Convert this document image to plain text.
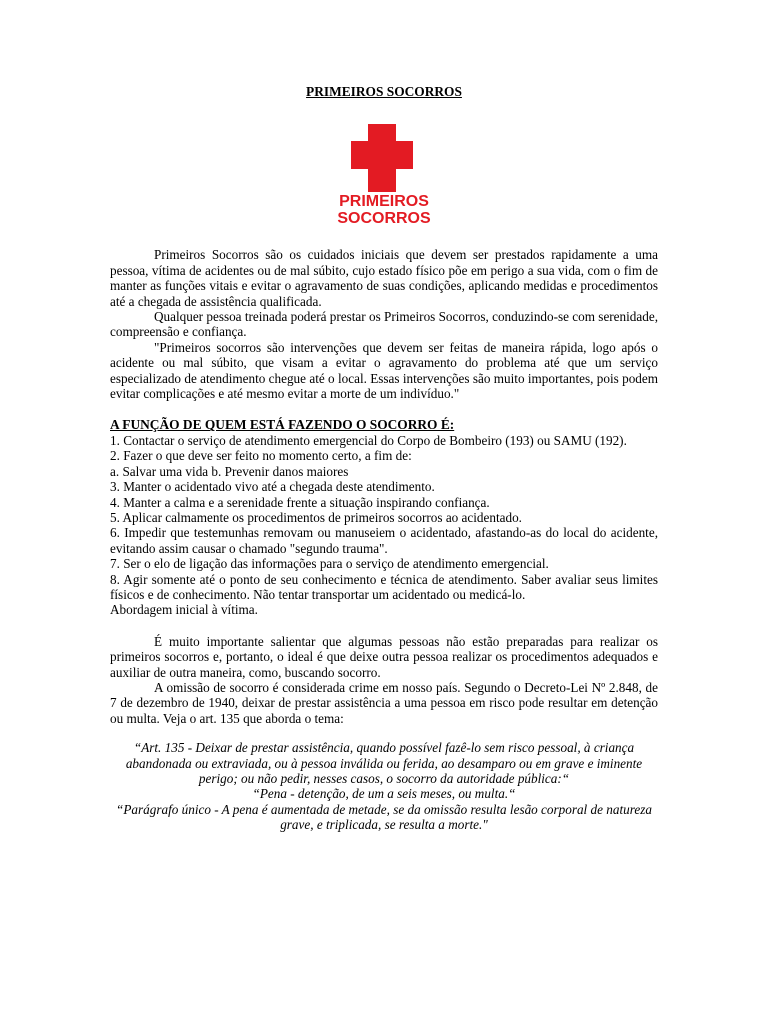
PRIMEIROS SOCORROS
PRIMEIROS
SOCORROS

Primeiros Socorros são os cuidados iniciais que devem ser prestados rapidamente a uma pessoa, vítima de acidentes ou de mal súbito, cujo estado físico põe em perigo a sua vida, com o fim de manter as funções vitais e evitar o agravamento de suas condições, aplicando medidas e procedimentos até a chegada de assistência qualificada.

Qualquer pessoa treinada poderá prestar os Primeiros Socorros, conduzindo-se com serenidade, compreensão e confiança.

"Primeiros socorros são intervenções que devem ser feitas de maneira rápida, logo após o acidente ou mal súbito, que visam a evitar o agravamento do problema até que um serviço especializado de atendimento chegue até o local. Essas intervenções são muito importantes, pois podem evitar complicações e até mesmo evitar a morte de um indivíduo."

A FUNÇÃO DE QUEM ESTÁ FAZENDO O SOCORRO É:

1. Contactar o serviço de atendimento emergencial do Corpo de Bombeiro (193) ou SAMU (192).

2. Fazer o que deve ser feito no momento certo, a fim de:

a. Salvar uma vida b. Prevenir danos maiores

3. Manter o acidentado vivo até a chegada deste atendimento.

4. Manter a calma e a serenidade frente a situação inspirando confiança.

5. Aplicar calmamente os procedimentos de primeiros socorros ao acidentado.

6. Impedir que testemunhas removam ou manuseiem o acidentado, afastando-as do local do acidente, evitando assim causar o chamado "segundo trauma".

7. Ser o elo de ligação das informações para o serviço de atendimento emergencial.

8. Agir somente até o ponto de seu conhecimento e técnica de atendimento. Saber avaliar seus limites físicos e de conhecimento. Não tentar transportar um acidentado ou medicá-lo.

Abordagem inicial à vítima.

É muito importante salientar que algumas pessoas não estão preparadas para realizar os primeiros socorros e, portanto, o ideal é que deixe outra pessoa realizar os procedimentos adequados e auxiliar de outra maneira, como, buscando socorro.

A omissão de socorro é considerada crime em nosso país. Segundo o Decreto-Lei Nº 2.848, de 7 de dezembro de 1940, deixar de prestar assistência a uma pessoa em risco pode resultar em detenção ou multa. Veja o art. 135 que aborda o tema:

“Art. 135 - Deixar de prestar assistência, quando possível fazê-lo sem risco pessoal, à criança abandonada ou extraviada, ou à pessoa inválida ou ferida, ao desamparo ou em grave e iminente perigo; ou não pedir, nesses casos, o socorro da autoridade pública:“

“Pena - detenção, de um a seis meses, ou multa.“

“Parágrafo único - A pena é aumentada de metade, se da omissão resulta lesão corporal de natureza grave, e triplicada, se resulta a morte."
